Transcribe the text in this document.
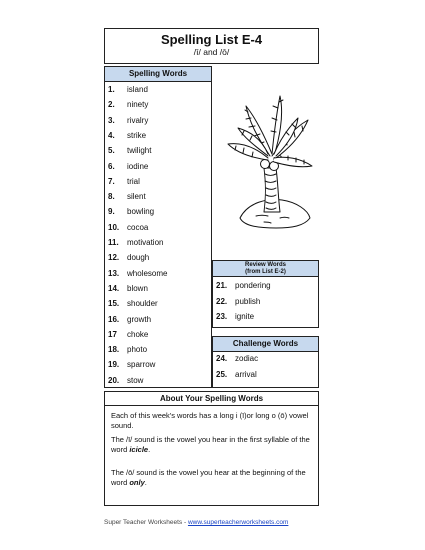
Spelling List E-4
/ī/ and /ō/
Spelling Words
1. island
2. ninety
3. rivalry
4. strike
5. twilight
6. iodine
7. trial
8. silent
9. bowling
10. cocoa
11. motivation
12. dough
13. wholesome
14. blown
15. shoulder
16. growth
17 choke
18. photo
19. sparrow
20. stow
Review Words
(from List E-2)
21. pondering
22. publish
23. ignite
Challenge Words
24. zodiac
25. arrival
About Your Spelling Words
Each of this week's words has a long i (ī)or long o (ō) vowel sound.
The /ī/ sound is the vowel you hear in the first syllable of the word icicle.
The /ō/ sound is the vowel you hear at the beginning of the word only.
Super Teacher Worksheets - www.superteacherworksheets.com
